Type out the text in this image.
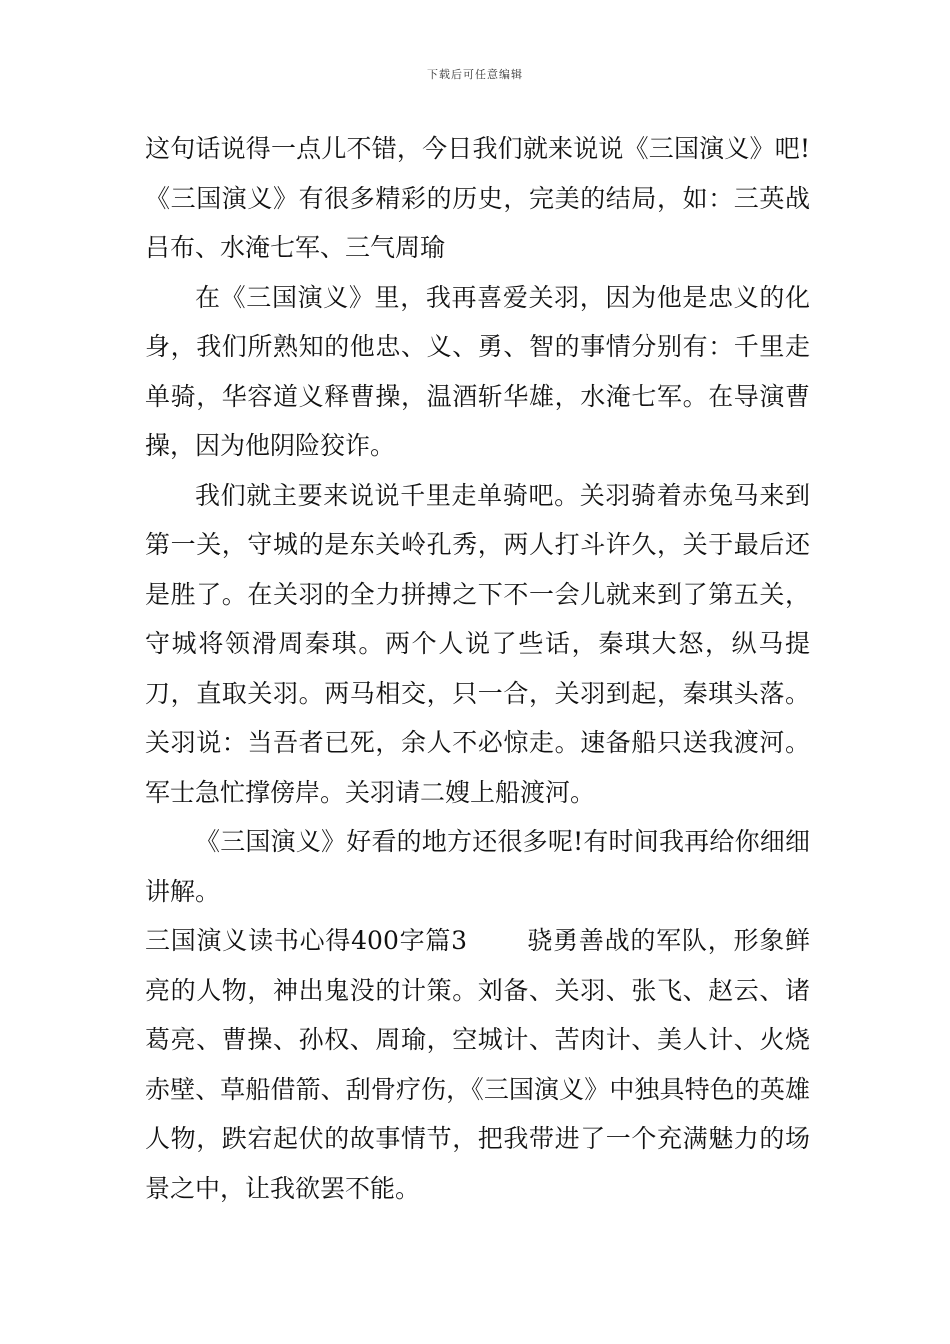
下载后可任意编辑

这句话说得一点儿不错，今日我们就来说说《三国演义》吧!《三国演义》有很多精彩的历史，完美的结局，如：三英战吕布、水淹七军、三气周瑜

在《三国演义》里，我再喜爱关羽，因为他是忠义的化身，我们所熟知的他忠、义、勇、智的事情分别有：千里走单骑，华容道义释曹操，温酒斩华雄，水淹七军。在导演曹操，因为他阴险狡诈。

我们就主要来说说千里走单骑吧。关羽骑着赤兔马来到第一关，守城的是东关岭孔秀，两人打斗许久，关于最后还是胜了。在关羽的全力拼搏之下不一会儿就来到了第五关，守城将领滑周秦琪。两个人说了些话，秦琪大怒，纵马提刀，直取关羽。两马相交，只一合，关羽到起，秦琪头落。关羽说：当吾者已死，余人不必惊走。速备船只送我渡河。军士急忙撑傍岸。关羽请二嫂上船渡河。

《三国演义》好看的地方还很多呢!有时间我再给你细细讲解。

三国演义读书心得400字篇3 　　骁勇善战的军队，形象鲜亮的人物，神出鬼没的计策。刘备、关羽、张飞、赵云、诸葛亮、曹操、孙权、周瑜，空城计、苦肉计、美人计、火烧赤壁、草船借箭、刮骨疗伤，《三国演义》中独具特色的英雄人物，跌宕起伏的故事情节，把我带进了一个充满魅力的场景之中，让我欲罢不能。
